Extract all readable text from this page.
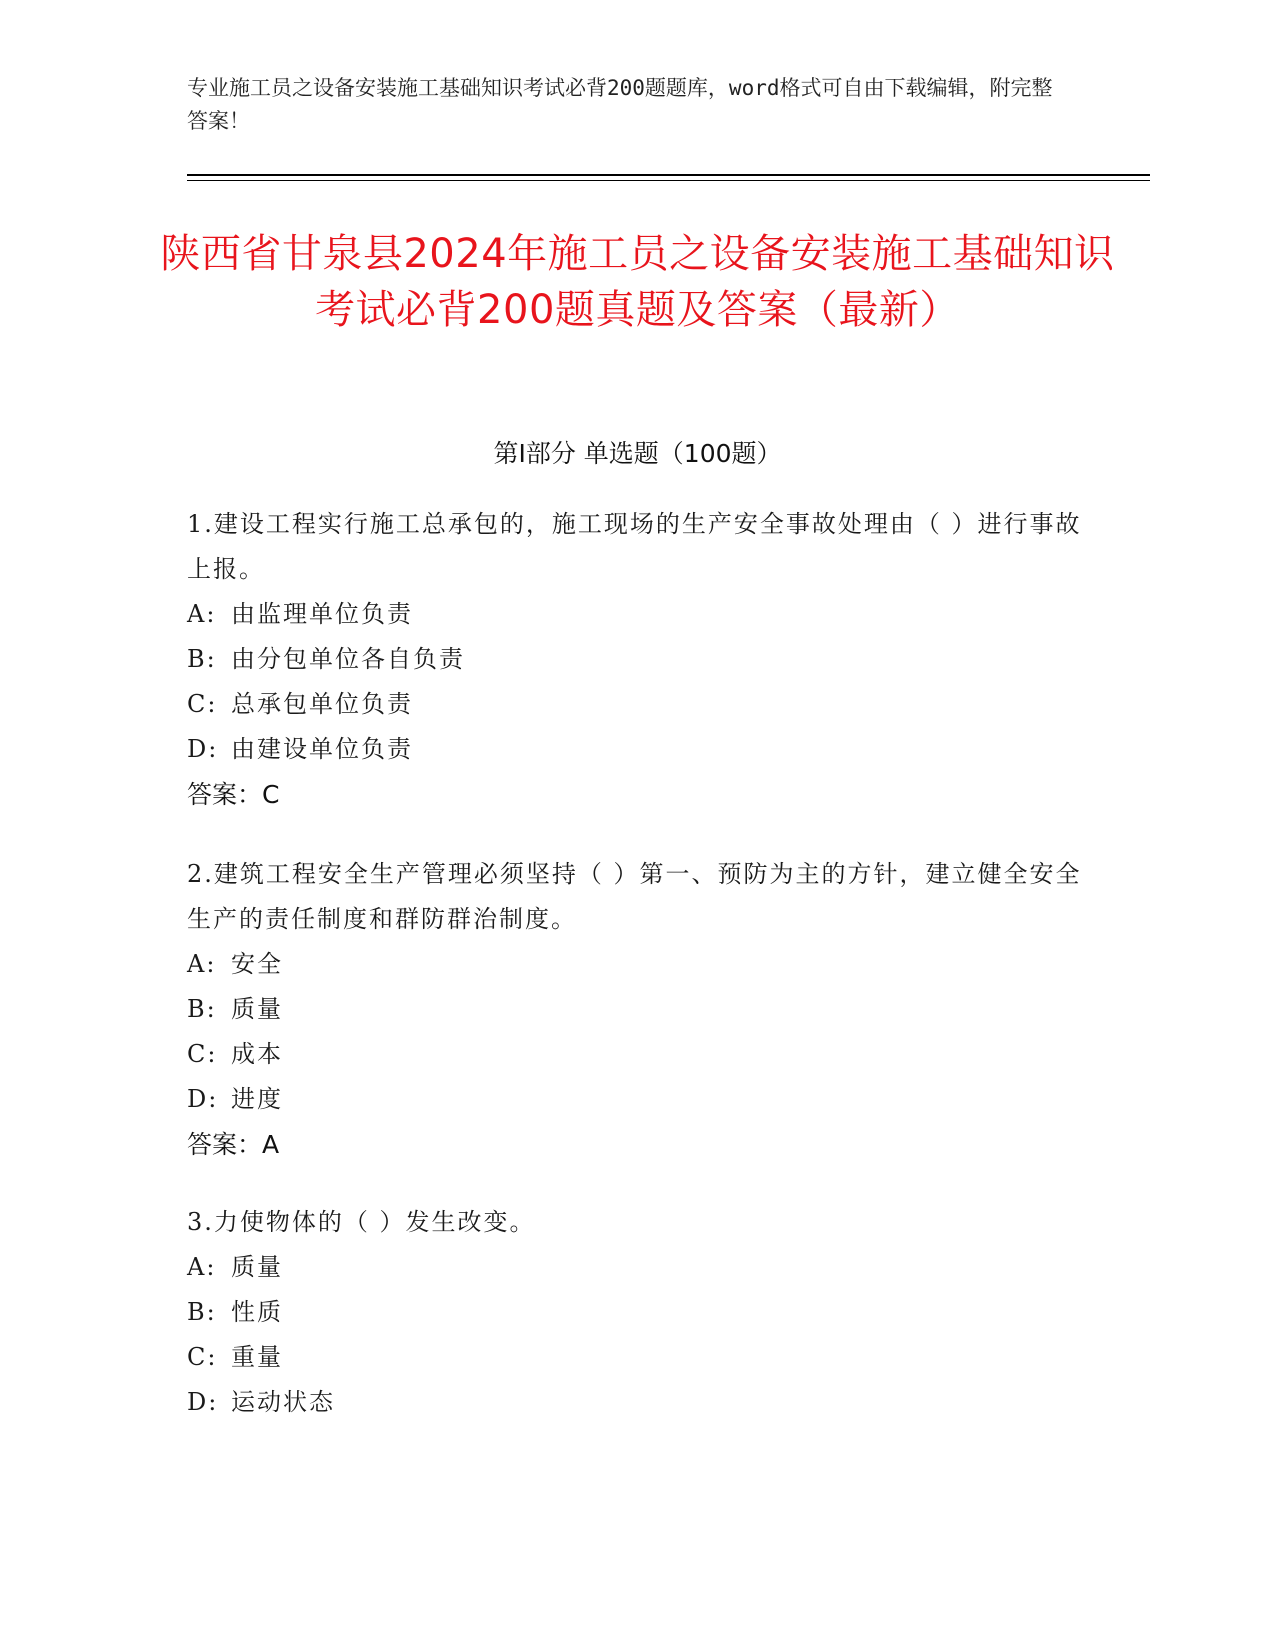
专业施工员之设备安装施工基础知识考试必背200题题库，word格式可自由下载编辑，附完整答案！
陕西省甘泉县2024年施工员之设备安装施工基础知识考试必背200题真题及答案（最新）
第Ⅰ部分 单选题（100题）
1.建设工程实行施工总承包的，施工现场的生产安全事故处理由（ ）进行事故上报。
A: 由监理单位负责
B: 由分包单位各自负责
C: 总承包单位负责
D: 由建设单位负责
答案：C
2.建筑工程安全生产管理必须坚持（ ）第一、预防为主的方针，建立健全安全生产的责任制度和群防群治制度。
A: 安全
B: 质量
C: 成本
D: 进度
答案：A
3.力使物体的（ ）发生改变。
A: 质量
B: 性质
C: 重量
D: 运动状态
